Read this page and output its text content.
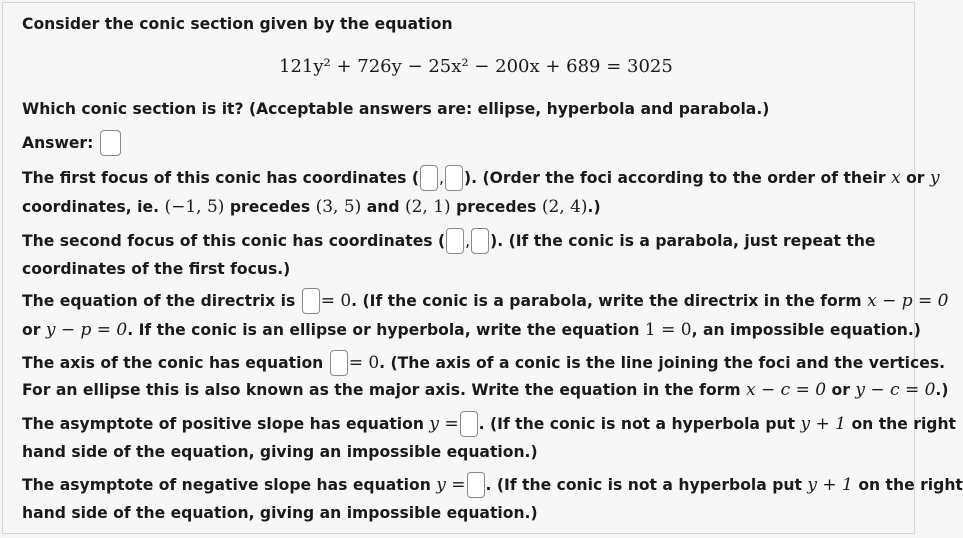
Consider the conic section given by the equation
121y² + 726y − 25x² − 200x + 689 = 3025
Which conic section is it? (Acceptable answers are: ellipse, hyperbola and parabola.)
Answer:
The first focus of this conic has coordinates ( , ). (Order the foci according to the order of their x or y
coordinates, ie. (−1, 5) precedes (3, 5) and (2, 1) precedes (2, 4).)
The second focus of this conic has coordinates ( , ). (If the conic is a parabola, just repeat the
coordinates of the first focus.)
The equation of the directrix is = 0. (If the conic is a parabola, write the directrix in the form x − p = 0
or y − p = 0. If the conic is an ellipse or hyperbola, write the equation 1 = 0, an impossible equation.)
The axis of the conic has equation = 0. (The axis of a conic is the line joining the foci and the vertices.
For an ellipse this is also known as the major axis. Write the equation in the form x − c = 0 or y − c = 0.)
The asymptote of positive slope has equation y = . (If the conic is not a hyperbola put y + 1 on the right
hand side of the equation, giving an impossible equation.)
The asymptote of negative slope has equation y = . (If the conic is not a hyperbola put y + 1 on the right
hand side of the equation, giving an impossible equation.)
